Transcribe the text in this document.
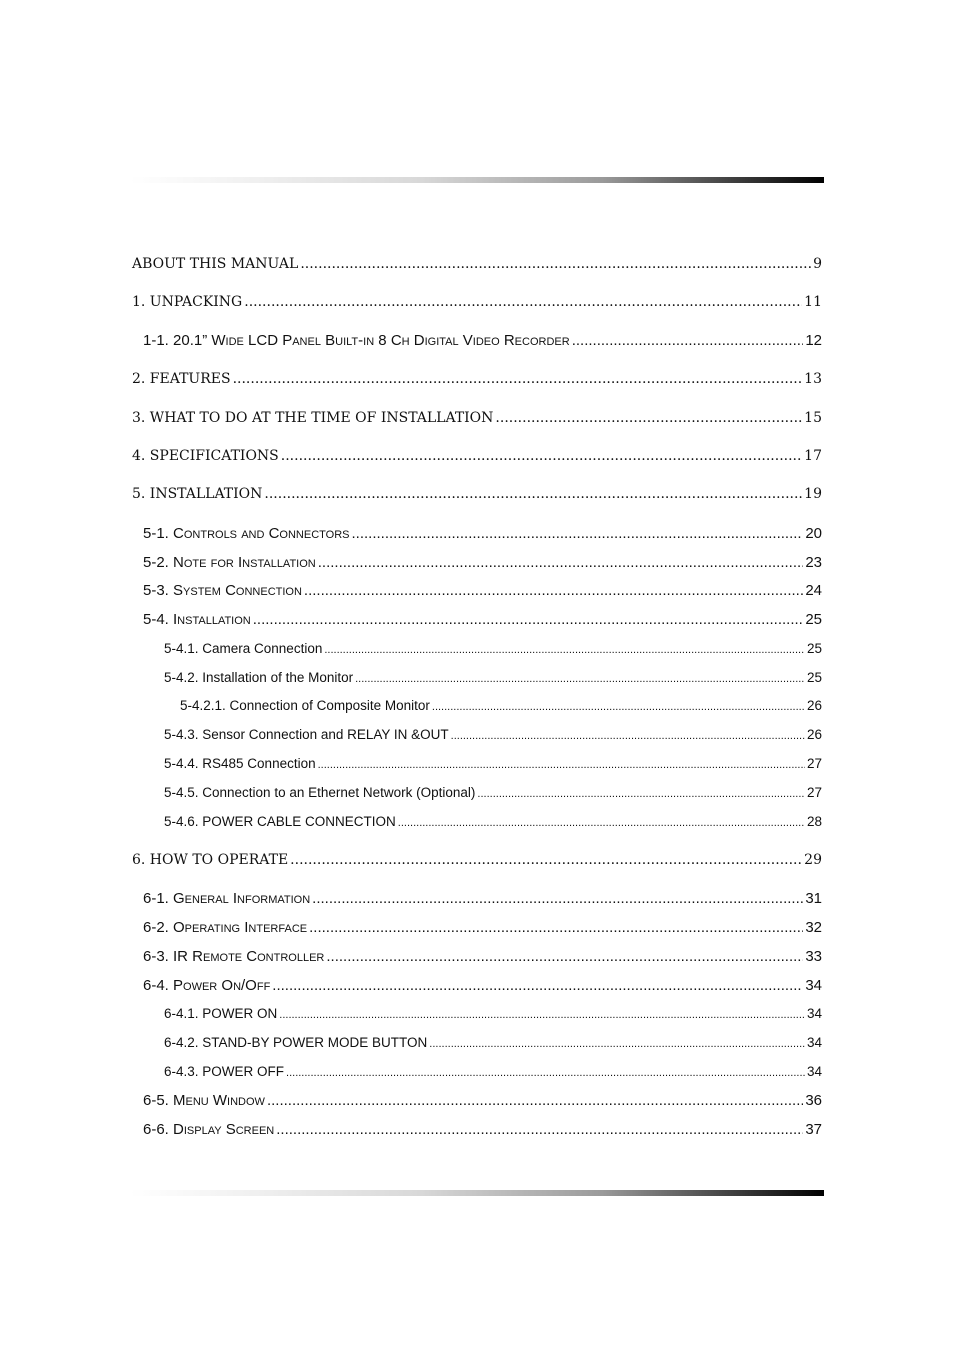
ABOUT THIS MANUAL .....	9
1. UNPACKING .....	11
1-1. 20.1” Wide LCD Panel Built-in 8 Ch Digital Video Recorder .....	12
2. FEATURES .....	13
3. WHAT TO DO AT THE TIME OF INSTALLATION .....	15
4. SPECIFICATIONS .....	17
5. INSTALLATION .....	19
5-1. Controls and Connectors .....	20
5-2. Note for Installation .....	23
5-3. System Connection .....	24
5-4. Installation .....	25
5-4.1. Camera Connection .....	25
5-4.2. Installation of the Monitor .....	25
5-4.2.1. Connection of Composite Monitor .....	26
5-4.3. Sensor Connection and RELAY IN &OUT .....	26
5-4.4. RS485 Connection .....	27
5-4.5. Connection to an Ethernet Network (Optional) .....	27
5-4.6. POWER CABLE CONNECTION .....	28
6. HOW TO OPERATE .....	29
6-1. General Information .....	31
6-2. Operating Interface .....	32
6-3. IR Remote Controller .....	33
6-4. Power On/Off .....	34
6-4.1. POWER ON .....	34
6-4.2. STAND-BY POWER MODE BUTTON .....	34
6-4.3. POWER OFF .....	34
6-5. Menu Window .....	36
6-6. Display Screen .....	37
